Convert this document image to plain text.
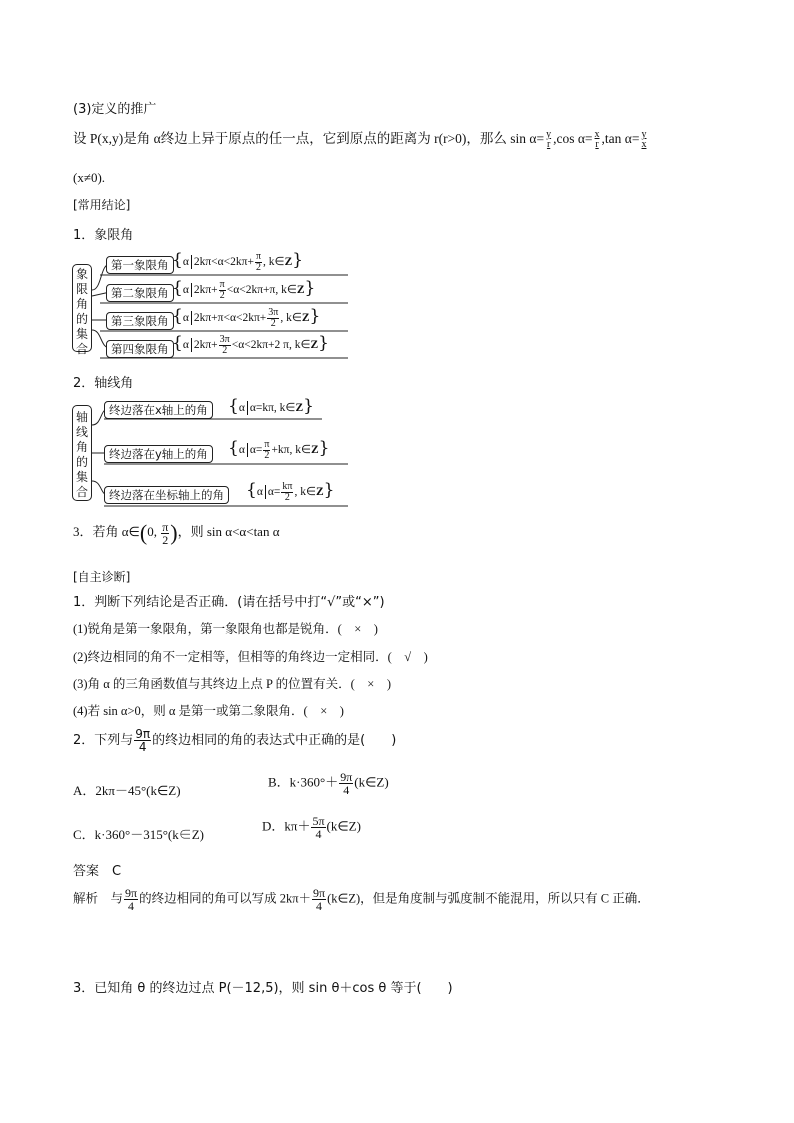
(3)定义的推广
设 P(x,y)是角 α终边上异于原点的任一点，它到原点的距离为 r(r>0)，那么 $\sin \alpha= \frac{y}{r} ,\cos$ $\alpha= \frac{x}{r} ,\tan$ $\alpha= \frac{y}{x}$
(x≠0).
[常用结论]
1．象限角
象
限
角
的
集
合
第一象限角 {α $2k\pi<\alpha<2k\pi+ \frac{\pi}{2}$ , k∈Z}
第二象限角 {α $2k\pi+ \frac{\pi}{2} <\alpha<2k\pi+\pi$, k∈Z}
第三象限角 {α $2k\pi+\pi<\alpha<2k\pi+ \frac{3\pi}{2}$ , k∈Z}
第四象限角 {α $2k\pi+ \frac{3\pi}{2} <\alpha<2k\pi+2$ π, k∈Z}
2．轴线角
轴
线
角
的
集
合
终边落在x轴上的角 {α α=kπ, k∈Z}
终边落在y轴上的角 {α $\alpha= \frac{\pi}{2} +k\pi$, k∈Z}
终边落在坐标轴上的角 {α $\alpha= \frac{k\pi}{2}$ , k∈Z}
3．若角 α∈(0, $\frac{\pi}{2}$ )，则 sin α<α<tan α
[自主诊断]
1．判断下列结论是否正确．(请在括号中打“√”或“×”)
(1)锐角是第一象限角，第一象限角也都是锐角．(　×　)
(2)终边相同的角不一定相等，但相等的角终边一定相同．(　√　)
(3)角 α 的三角函数值与其终边上点 P 的位置有关．(　×　)
(4)若 sin α>0，则 α 是第一或第二象限角．(　×　)
2．下列与 $\frac{9\pi}{4}$ 的终边相同的角的表达式中正确的是(　　)
A．2kπ－45°(k∈Z)
B．$k\cdot 360^\circ+ \frac{9\pi}{4}$ (k∈Z)
C．k·360°－315°(k∈Z)
D．$k\pi+ \frac{5\pi}{4}$ (k∈Z)
答案　C
解析　与 $\frac{9\pi}{4}$ 的终边相同的角可以写成 $2k\pi+ \frac{9\pi}{4}$ (k∈Z)，但是角度制与弧度制不能混用，所以只有 C 正确．
3．已知角 θ 的终边过点 P(－12,5)，则 sin θ＋cos θ 等于(　　)
